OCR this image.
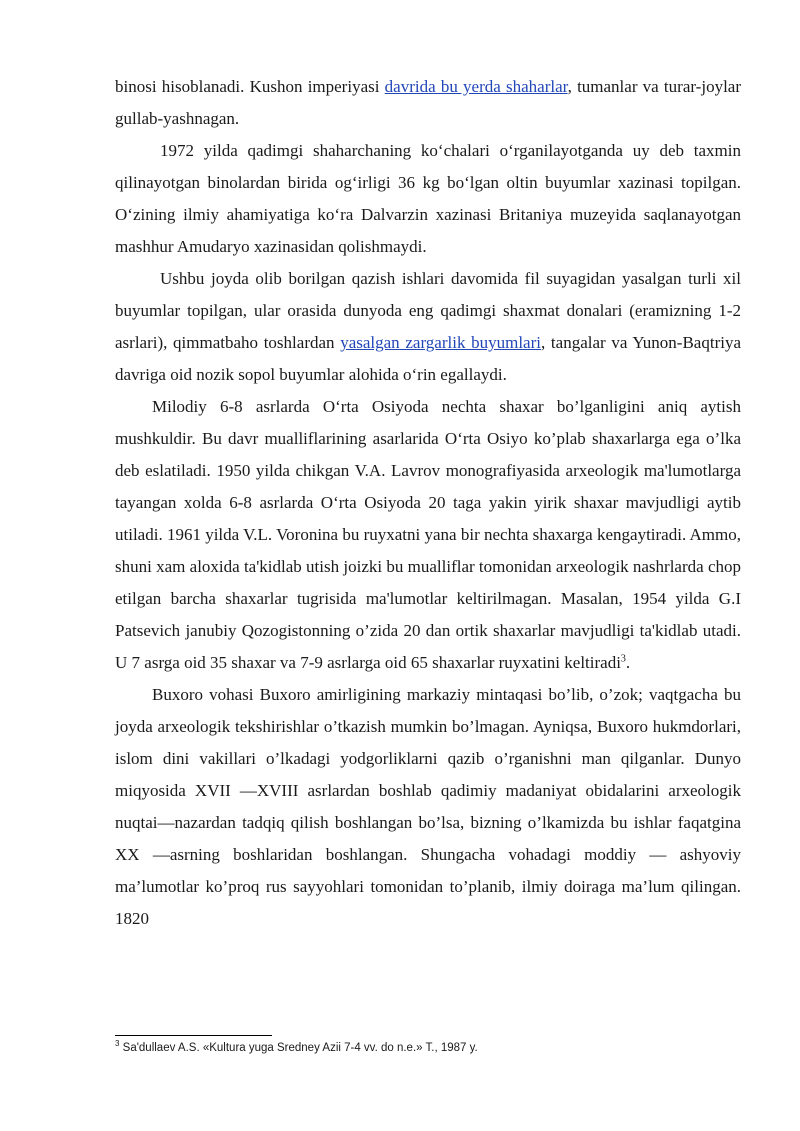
binosi hisoblanadi. Kushon imperiyasi davrida bu yerda shaharlar, tumanlar va turar-joylar gullab-yashnagan.

1972 yilda qadimgi shaharchaning ko‘chalari o‘rganilayotganda uy deb taxmin qilinayotgan binolardan birida og‘irligi 36 kg bo‘lgan oltin buyumlar xazinasi topilgan. O‘zining ilmiy ahamiyatiga ko‘ra Dalvarzin xazinasi Britaniya muzeyida saqlanayotgan mashhur Amudaryo xazinasidan qolishmaydi.

Ushbu joyda olib borilgan qazish ishlari davomida fil suyagidan yasalgan turli xil buyumlar topilgan, ular orasida dunyoda eng qadimgi shaxmat donalari (eramizning 1-2 asrlari), qimmatbaho toshlardan yasalgan zargarlik buyumlari, tangalar va Yunon-Baqtriya davriga oid nozik sopol buyumlar alohida o‘rin egallaydi.

Milodiy 6-8 asrlarda O‘rta Osiyoda nechta shaxar bo’lganligini aniq aytish mushkuldir. Bu davr mualliflarining asarlarida O‘rta Osiyo ko’plab shaxarlarga ega o’lka deb eslatiladi. 1950 yilda chikgan V.A. Lavrov monografiyasida arxeologik ma'lumotlarga tayangan xolda 6-8 asrlarda O‘rta Osiyoda 20 taga yakin yirik shaxar mavjudligi aytib utiladi. 1961 yilda V.L. Voronina bu ruyxatni yana bir nechta shaxarga kengaytiradi. Ammo, shuni xam aloxida ta'kidlab utish joizki bu mualliflar tomonidan arxeologik nashrlarda chop etilgan barcha shaxarlar tugrisida ma'lumotlar keltirilmagan. Masalan, 1954 yilda G.I Patsevich janubiy Qozogistonning o’zida 20 dan ortik shaxarlar mavjudligi ta'kidlab utadi. U 7 asrga oid 35 shaxar va 7-9 asrlarga oid 65 shaxarlar ruyxatini keltiradi$^3$.

Buxoro vohasi Buxoro amirligining markaziy mintaqasi bo’lib, o’zok; vaqtgacha bu joyda arxeologik tekshirishlar o’tkazish mumkin bo’lmagan. Ayniqsa, Buxoro hukmdorlari, islom dini vakillari o’lkadagi yodgorliklarni qazib o’rganishni man qilganlar. Dunyo miqyosida XVII —XVIII asrlardan boshlab qadimiy madaniyat obidalarini arxeologik nuqtai—nazardan tadqiq qilish boshlangan bo’lsa, bizning o’lkamizda bu ishlar faqatgina XX —asrning boshlaridan boshlangan. Shungacha vohadagi moddiy — ashyoviy ma’lumotlar ko’proq rus sayyohlari tomonidan to’planib, ilmiy doiraga ma’lum qilingan. 1820

$^3$ Sa'dullaev A.S. «Kultura yuga Sredney Azii 7-4 vv. do n.e.» T., 1987 y.
